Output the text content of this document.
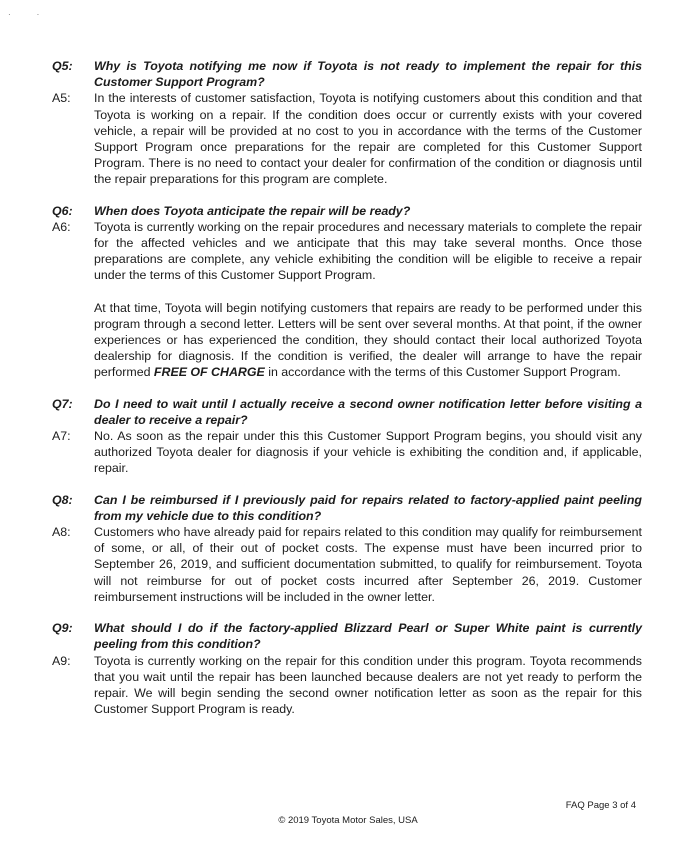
··
Q5:	Why is Toyota notifying me now if Toyota is not ready to implement the repair for this Customer Support Program?
A5:	In the interests of customer satisfaction, Toyota is notifying customers about this condition and that Toyota is working on a repair. If the condition does occur or currently exists with your covered vehicle, a repair will be provided at no cost to you in accordance with the terms of the Customer Support Program once preparations for the repair are completed for this Customer Support Program. There is no need to contact your dealer for confirmation of the condition or diagnosis until the repair preparations for this program are complete.

Q6:	When does Toyota anticipate the repair will be ready?
A6:	Toyota is currently working on the repair procedures and necessary materials to complete the repair for the affected vehicles and we anticipate that this may take several months. Once those preparations are complete, any vehicle exhibiting the condition will be eligible to receive a repair under the terms of this Customer Support Program.

At that time, Toyota will begin notifying customers that repairs are ready to be performed under this program through a second letter. Letters will be sent over several months. At that point, if the owner experiences or has experienced the condition, they should contact their local authorized Toyota dealership for diagnosis. If the condition is verified, the dealer will arrange to have the repair performed FREE OF CHARGE in accordance with the terms of this Customer Support Program.

Q7:	Do I need to wait until I actually receive a second owner notification letter before visiting a dealer to receive a repair?
A7:	No. As soon as the repair under this this Customer Support Program begins, you should visit any authorized Toyota dealer for diagnosis if your vehicle is exhibiting the condition and, if applicable, repair.

Q8:	Can I be reimbursed if I previously paid for repairs related to factory-applied paint peeling from my vehicle due to this condition?
A8:	Customers who have already paid for repairs related to this condition may qualify for reimbursement of some, or all, of their out of pocket costs. The expense must have been incurred prior to September 26, 2019, and sufficient documentation submitted, to qualify for reimbursement. Toyota will not reimburse for out of pocket costs incurred after September 26, 2019. Customer reimbursement instructions will be included in the owner letter.

Q9:	What should I do if the factory-applied Blizzard Pearl or Super White paint is currently peeling from this condition?
A9:	Toyota is currently working on the repair for this condition under this program. Toyota recommends that you wait until the repair has been launched because dealers are not yet ready to perform the repair. We will begin sending the second owner notification letter as soon as the repair for this Customer Support Program is ready.

FAQ Page 3 of 4
© 2019 Toyota Motor Sales, USA
